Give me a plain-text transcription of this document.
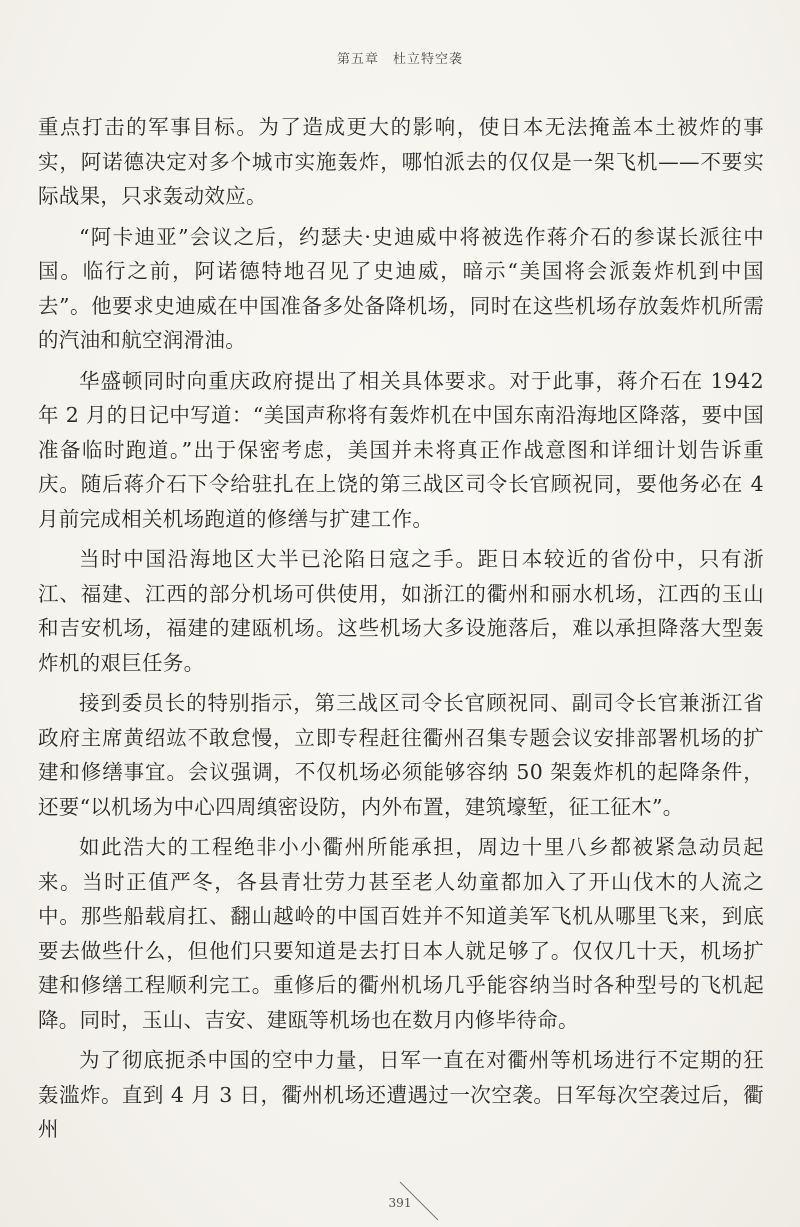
第五章　杜立特空袭

重点打击的军事目标。为了造成更大的影响，使日本无法掩盖本土被炸的事实，阿诺德决定对多个城市实施轰炸，哪怕派去的仅仅是一架飞机——不要实际战果，只求轰动效应。

“阿卡迪亚”会议之后，约瑟夫·史迪威中将被选作蒋介石的参谋长派往中国。临行之前，阿诺德特地召见了史迪威，暗示“美国将会派轰炸机到中国去”。他要求史迪威在中国准备多处备降机场，同时在这些机场存放轰炸机所需的汽油和航空润滑油。

华盛顿同时向重庆政府提出了相关具体要求。对于此事，蒋介石在 1942 年 2 月的日记中写道：“美国声称将有轰炸机在中国东南沿海地区降落，要中国准备临时跑道。”出于保密考虑，美国并未将真正作战意图和详细计划告诉重庆。随后蒋介石下令给驻扎在上饶的第三战区司令长官顾祝同，要他务必在 4 月前完成相关机场跑道的修缮与扩建工作。

当时中国沿海地区大半已沦陷日寇之手。距日本较近的省份中，只有浙江、福建、江西的部分机场可供使用，如浙江的衢州和丽水机场，江西的玉山和吉安机场，福建的建瓯机场。这些机场大多设施落后，难以承担降落大型轰炸机的艰巨任务。

接到委员长的特别指示，第三战区司令长官顾祝同、副司令长官兼浙江省政府主席黄绍竑不敢怠慢，立即专程赶往衢州召集专题会议安排部署机场的扩建和修缮事宜。会议强调，不仅机场必须能够容纳 50 架轰炸机的起降条件，还要“以机场为中心四周缜密设防，内外布置，建筑壕堑，征工征木”。

如此浩大的工程绝非小小衢州所能承担，周边十里八乡都被紧急动员起来。当时正值严冬，各县青壮劳力甚至老人幼童都加入了开山伐木的人流之中。那些船载肩扛、翻山越岭的中国百姓并不知道美军飞机从哪里飞来，到底要去做些什么，但他们只要知道是去打日本人就足够了。仅仅几十天，机场扩建和修缮工程顺利完工。重修后的衢州机场几乎能容纳当时各种型号的飞机起降。同时，玉山、吉安、建瓯等机场也在数月内修毕待命。

为了彻底扼杀中国的空中力量，日军一直在对衢州等机场进行不定期的狂轰滥炸。直到 4 月 3 日，衢州机场还遭遇过一次空袭。日军每次空袭过后，衢州

391
